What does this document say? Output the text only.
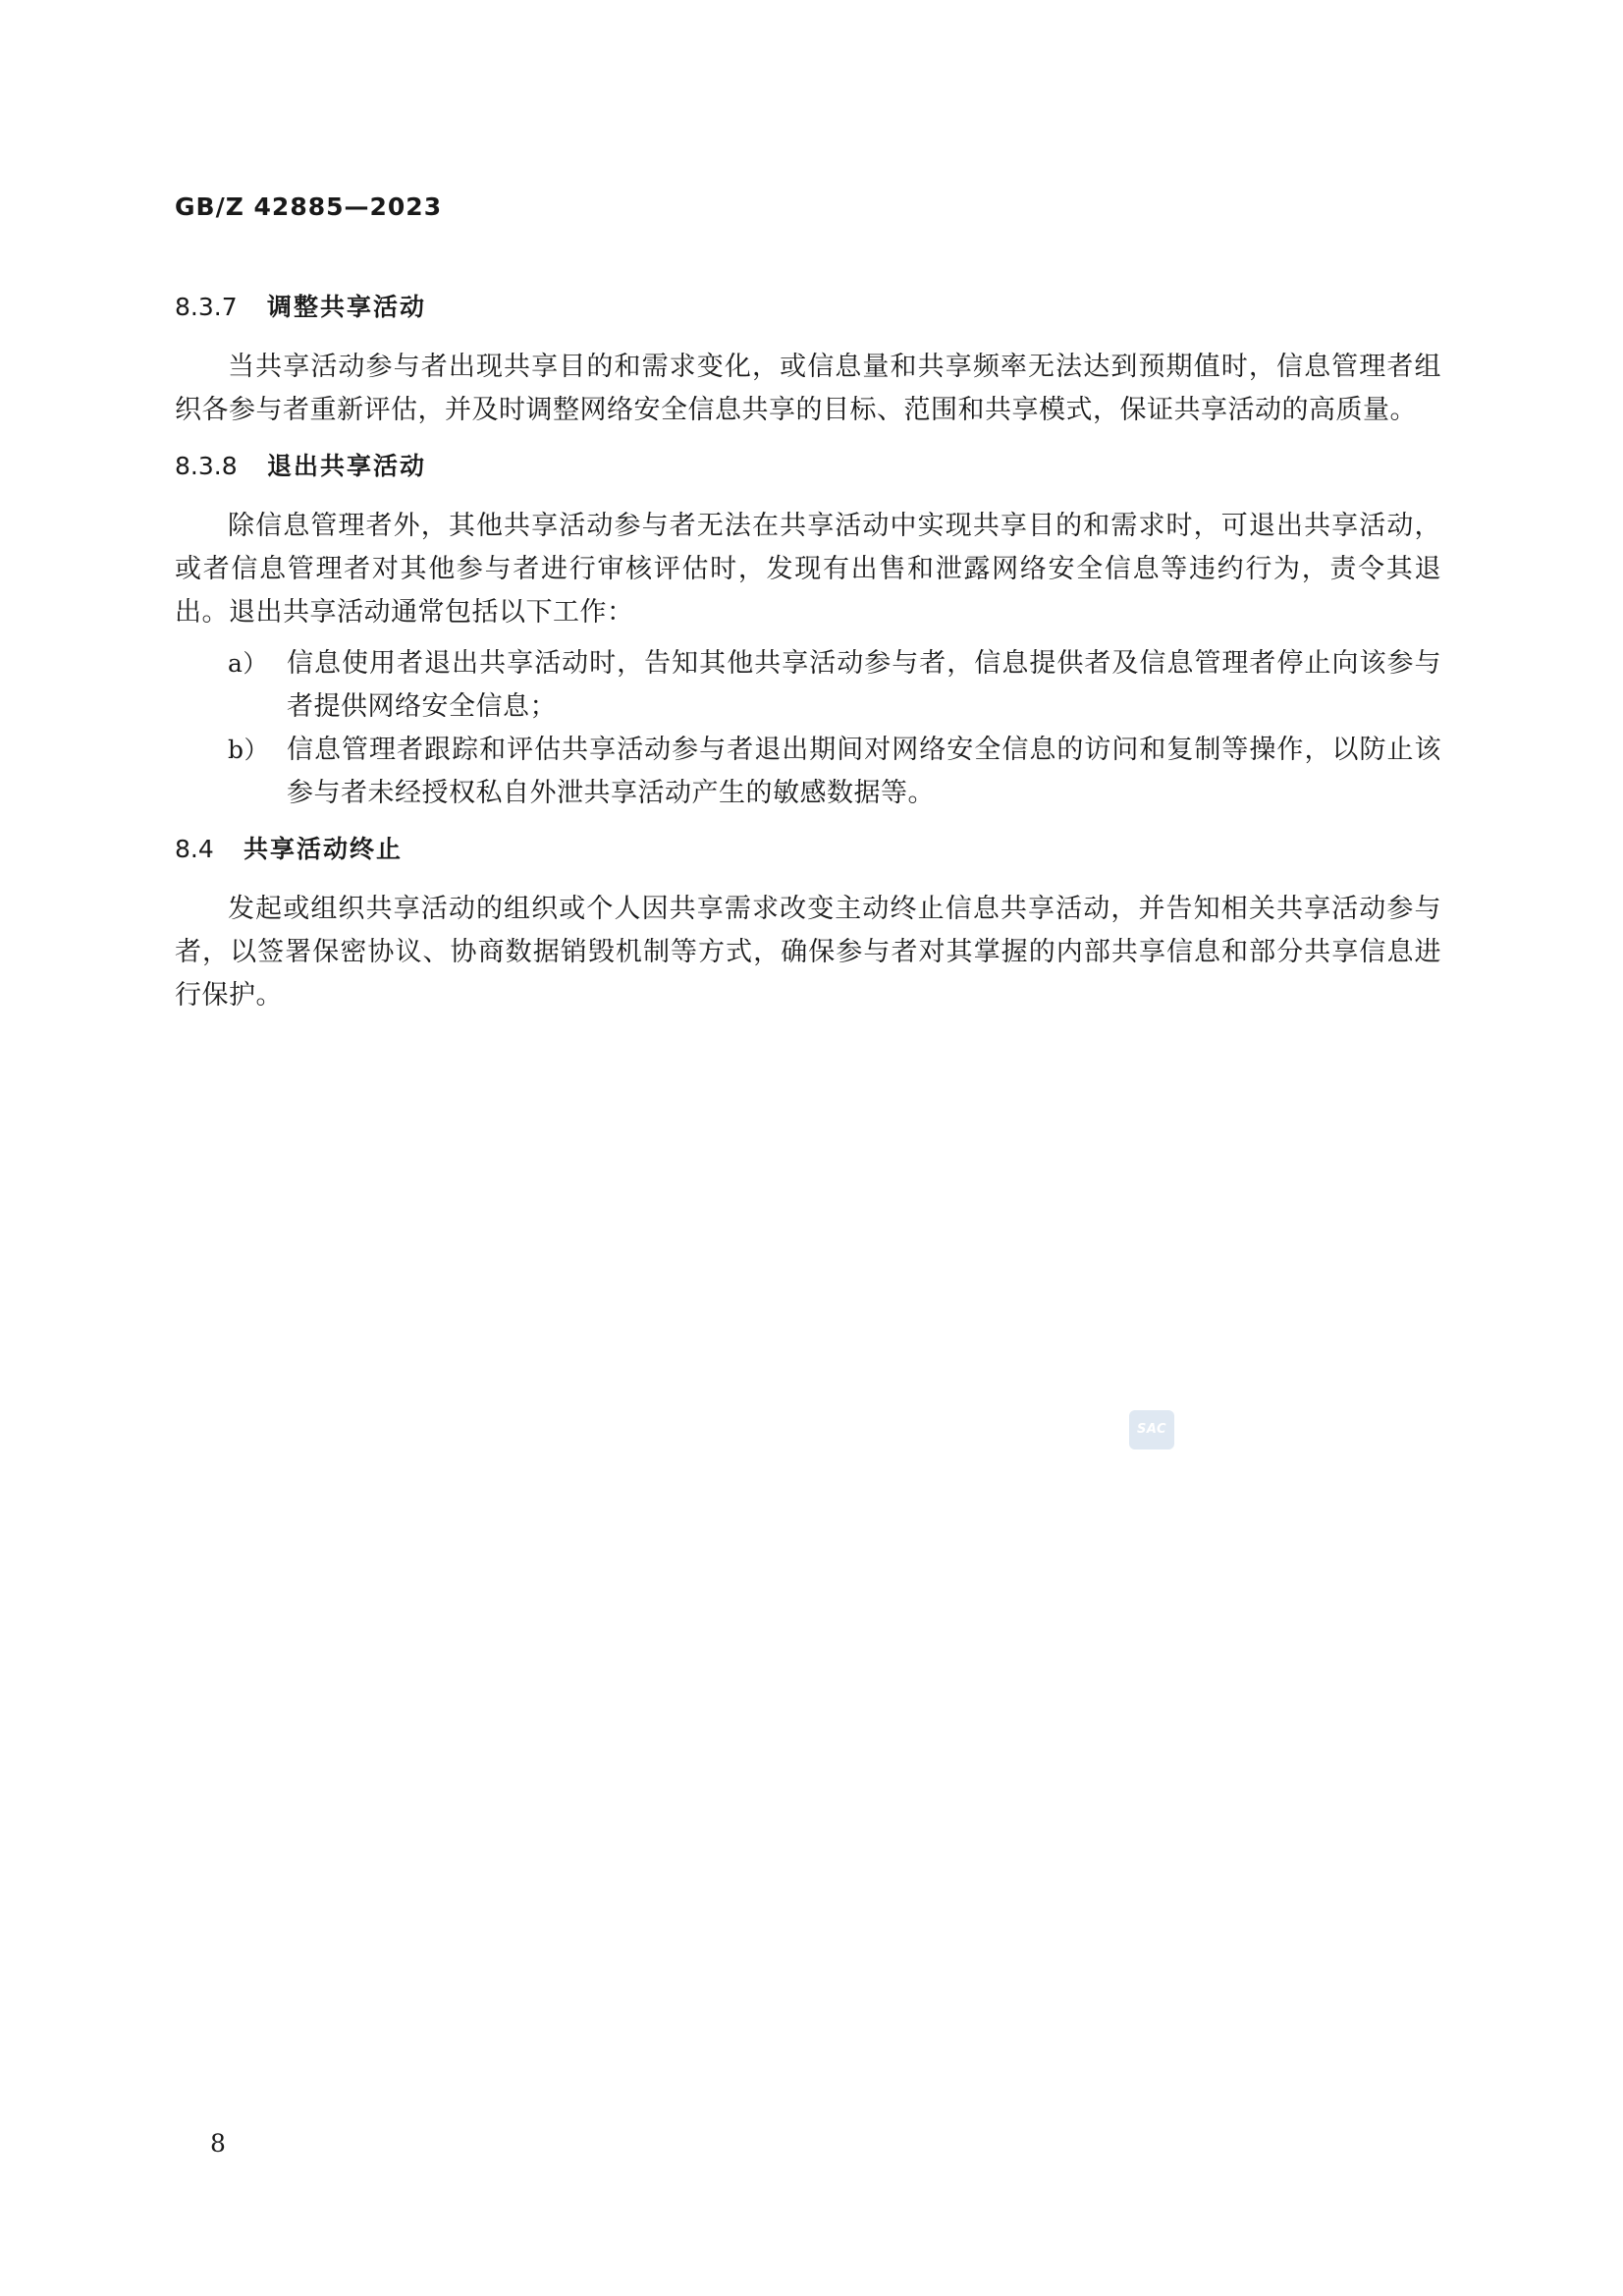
GB/Z 42885—2023
8.3.7 调整共享活动

当共享活动参与者出现共享目的和需求变化，或信息量和共享频率无法达到预期值时，信息管理者组织各参与者重新评估，并及时调整网络安全信息共享的目标、范围和共享模式，保证共享活动的高质量。

8.3.8 退出共享活动

除信息管理者外，其他共享活动参与者无法在共享活动中实现共享目的和需求时，可退出共享活动，或者信息管理者对其他参与者进行审核评估时，发现有出售和泄露网络安全信息等违约行为，责令其退出。退出共享活动通常包括以下工作：

a） 信息使用者退出共享活动时，告知其他共享活动参与者，信息提供者及信息管理者停止向该参与者提供网络安全信息；
b） 信息管理者跟踪和评估共享活动参与者退出期间对网络安全信息的访问和复制等操作，以防止该参与者未经授权私自外泄共享活动产生的敏感数据等。
8.4 共享活动终止

发起或组织共享活动的组织或个人因共享需求改变主动终止信息共享活动，并告知相关共享活动参与者，以签署保密协议、协商数据销毁机制等方式，确保参与者对其掌握的内部共享信息和部分共享信息进行保护。

SAC
8
